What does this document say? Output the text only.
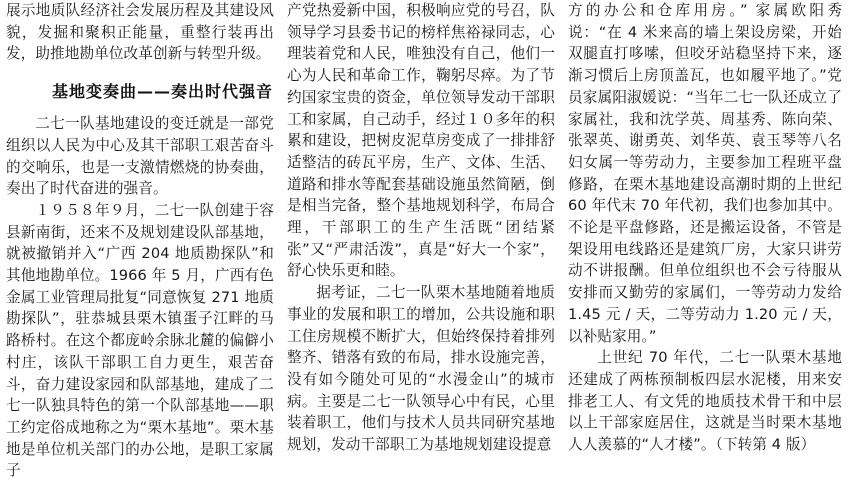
展示地质队经济社会发展历程及其建设风貌，发掘和聚积正能量，重整行装再出发，助推地勘单位改革创新与转型升级。

基地变奏曲——奏出时代强音

二七一队基地建设的变迁就是一部党组织以人民为中心及其干部职工艰苦奋斗的交响乐，也是一支激情燃烧的协奏曲，奏出了时代奋进的强音。

１９５８年９月，二七一队创建于容县新南街，还来不及规划建设队部基地，就被撤销并入“广西 204 地质勘探队”和其他地勘单位。1966 年 5 月，广西有色金属工业管理局批复“同意恢复 271 地质勘探队”，驻恭城县栗木镇蛋子江畔的马路桥村。在这个都庞岭余脉北麓的偏僻小村庄，该队干部职工自力更生，艰苦奋斗，奋力建设家园和队部基地，建成了二七一队独具特色的第一个队部基地——职工约定俗成地称之为“栗木基地”。栗木基地是单位机关部门的办公地，是职工家属子

产党热爱新中国，积极响应党的号召，队领导学习县委书记的榜样焦裕禄同志，心理装着党和人民，唯独没有自己，他们一心为人民和革命工作，鞠躬尽瘁。为了节约国家宝贵的资金，单位领导发动干部职工和家属，自己动手，经过１０多年的积累和建设，把树皮泥草房变成了一排排舒适整洁的砖瓦平房，生产、文体、生活、道路和排水等配套基础设施虽然简陋，倒是相当完备，整个基地规划科学，布局合理，干部职工的生产生活既“团结紧张”又“严肃活泼”，真是“好大一个家”，舒心快乐更和睦。

据考证，二七一队栗木基地随着地质事业的发展和职工的增加，公共设施和职工住房规模不断扩大，但始终保持着排列整齐、错落有致的布局，排水设施完善，没有如今随处可见的“水漫金山”的城市病。主要是二七一队领导心中有民，心里装着职工，他们与技术人员共同研究基地规划，发动干部职工为基地规划建设提意

方的办公和仓库用房。” 家属欧阳秀说：“在 4 米来高的墙上架设房梁，开始双腿直打哆嗦，但咬牙站稳坚持下来，逐渐习惯后上房顶盖瓦，也如履平地了。”党员家属阳淑媛说：“当年二七一队还成立了家属社，我和沈学英、周基秀、陈向荣、张翠英、谢勇英、刘华英、袁玉琴等八名妇女属一等劳动力，主要参加工程班平盘修路，在栗木基地建设高潮时期的上世纪 60 年代末 70 年代初，我们也参加其中。不论是平盘修路，还是搬运设备，不管是架设用电线路还是建筑厂房，大家只讲劳动不讲报酬。但单位组织也不会亏待服从安排而又勤劳的家属们，一等劳动力发给 1.45 元 / 天，二等劳动力 1.20 元 / 天，以补贴家用。”

上世纪 70 年代，二七一队栗木基地还建成了两栋预制板四层水泥楼，用来安排老工人、有文凭的地质技术骨干和中层以上干部家庭居住，这就是当时栗木基地人人羡慕的“人才楼”。（下转第 4 版）
